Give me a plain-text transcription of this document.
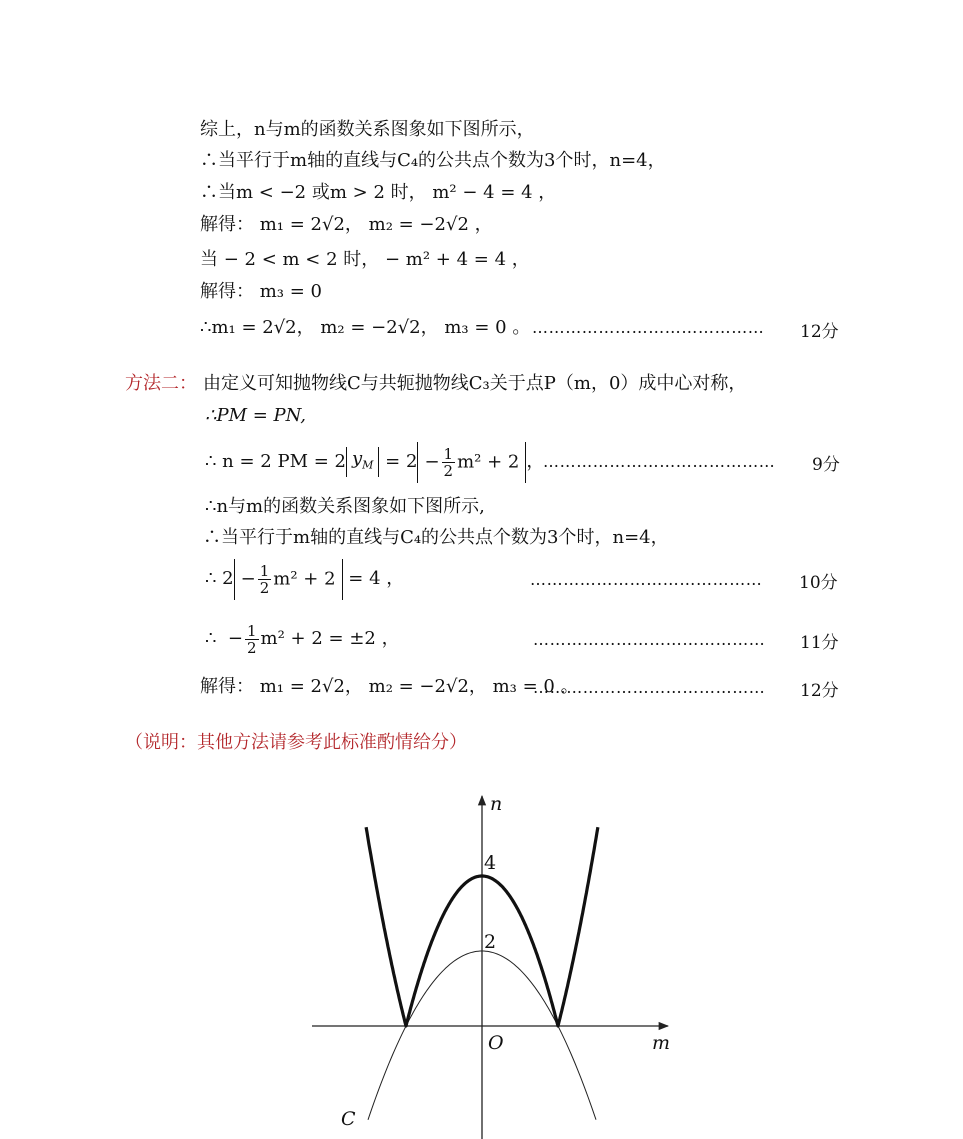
综上，n与m的函数关系图象如下图所示，
∴当平行于m轴的直线与C₄的公共点个数为3个时，n=4，
∴当m < −2 或m > 2 时， m² − 4 = 4 ，
解得： m₁ = 2√2， m₂ = −2√2 ，
当 − 2 < m < 2 时， − m² + 4 = 4 ，
解得： m₃ = 0
∴m₁ = 2√2， m₂ = −2√2， m₃ = 0 。 …………………………………… 12分
方法二： 由定义可知抛物线C与共轭抛物线C₃关于点P（m，0）成中心对称，
∴PM = PN,
∴ n = 2 PM = 2 $y_M = 2 - \frac{1}{2} m^2 + 2$ ，
…………………………………… 9分
∴n与m的函数关系图象如下图所示,
∴当平行于m轴的直线与C₄的公共点个数为3个时，n=4，
∴ $2 - \frac{1}{2} m^2 + 2 = 4$ ，	…………………………………… 10分
∴  − $\frac{1}{2} m^2 + 2 = \pm 2$ ，	…………………………………… 11分
解得： m₁ = 2√2， m₂ = −2√2， m₃ = 0 。
…………………………………… 12分
（说明：其他方法请参考此标准酌情给分）
n
m
O
4
2
C
